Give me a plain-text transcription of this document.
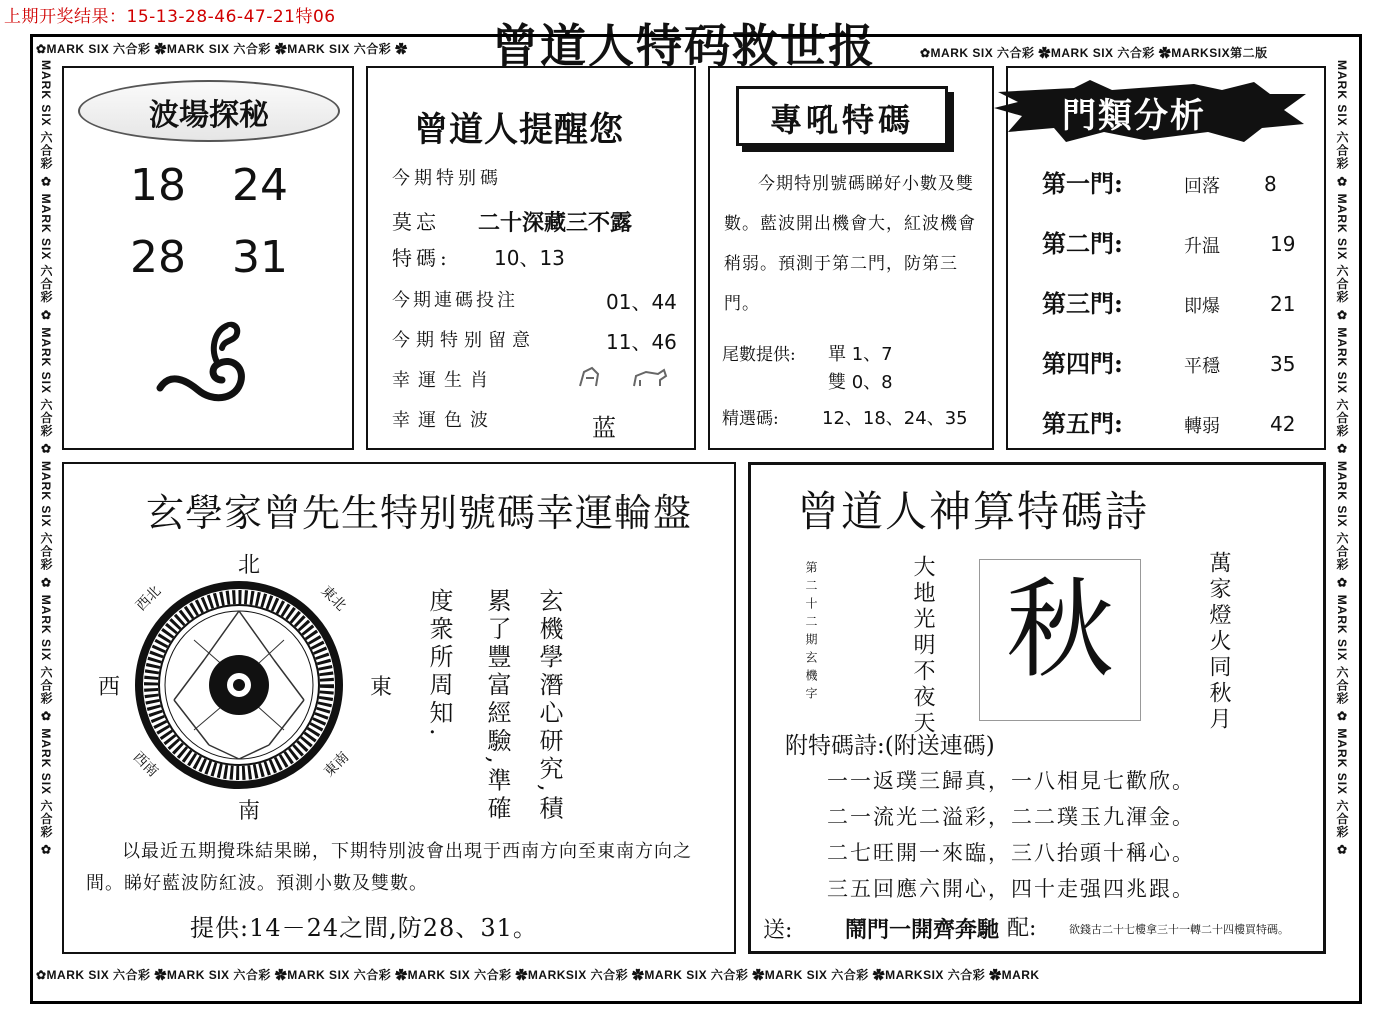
上期开奖结果：15-13-28-46-47-21特06
曾道人特码救世报
✿MARK SIX 六合彩 ✿MARK SIX 六合彩 ✿MARK SIX 六合彩 ✿	✿MARK SIX 六合彩 ✿MARK SIX 六合彩 ✿MARKSIX第二版
✿MARK SIX 六合彩 ✿MARK SIX 六合彩 ✿MARK SIX 六合彩 ✿MARK SIX 六合彩 ✿MARKSIX 六合彩 ✿MARK SIX 六合彩 ✿MARK SIX 六合彩 ✿MARKSIX 六合彩 ✿MARK
MARK SIX 六合彩 ✿ MARK SIX 六合彩 ✿ MARK SIX 六合彩 ✿ MARK SIX 六合彩 ✿ MARK SIX 六合彩 ✿ MARK SIX 六合彩 ✿	MARK SIX 六合彩 ✿ MARK SIX 六合彩 ✿ MARK SIX 六合彩 ✿ MARK SIX 六合彩 ✿ MARK SIX 六合彩 ✿ MARK SIX 六合彩 ✿
波場探秘
18 24
28 31
曾道人提醒您
今期特别碼
莫忘 二十深藏三不露
特碼: 10、13
今期連碼投注	01、44
今期特别留意	11、46
幸運生肖
幸運色波	蓝
專吼特碼
今期特別號碼睇好小數及雙數。藍波開出機會大，紅波機會稍弱。預測于第二門，防第三門。
尾數提供: 單 1、7
雙 0、8
精選碼: 12、18、24、35
門類分析
第一門:	回落 8
第二門:	升温	19
第三門:	即爆	21
第四門:	平穩	35
第五門:	轉弱	42
玄學家曾先生特别號碼幸運輪盤
北
南
西	東
西北	東北
西南	東南	玄機學潛心研究,積
累了豐富經驗,準確
度衆所周知.
以最近五期攪珠結果睇，下期特別波會出現于西南方向至東南方向之間。睇好藍波防紅波。預測小數及雙數。
提供:14－24之間,防28、31。
曾道人神算特碼詩
第二十二期玄機字	大地光明不夜天 秋	萬家燈火同秋月
附特碼詩:(附送連碼)
一一返璞三歸真，一八相見七歡欣。
二一流光二溢彩，二二璞玉九渾金。
二七旺開一來臨，三八抬頭十稱心。
三五回應六開心，四十走强四兆跟。
送: 鬧門一開齊奔馳 配:	欲錢古二十七樓拿三十一轉二十四樓買特碼。
